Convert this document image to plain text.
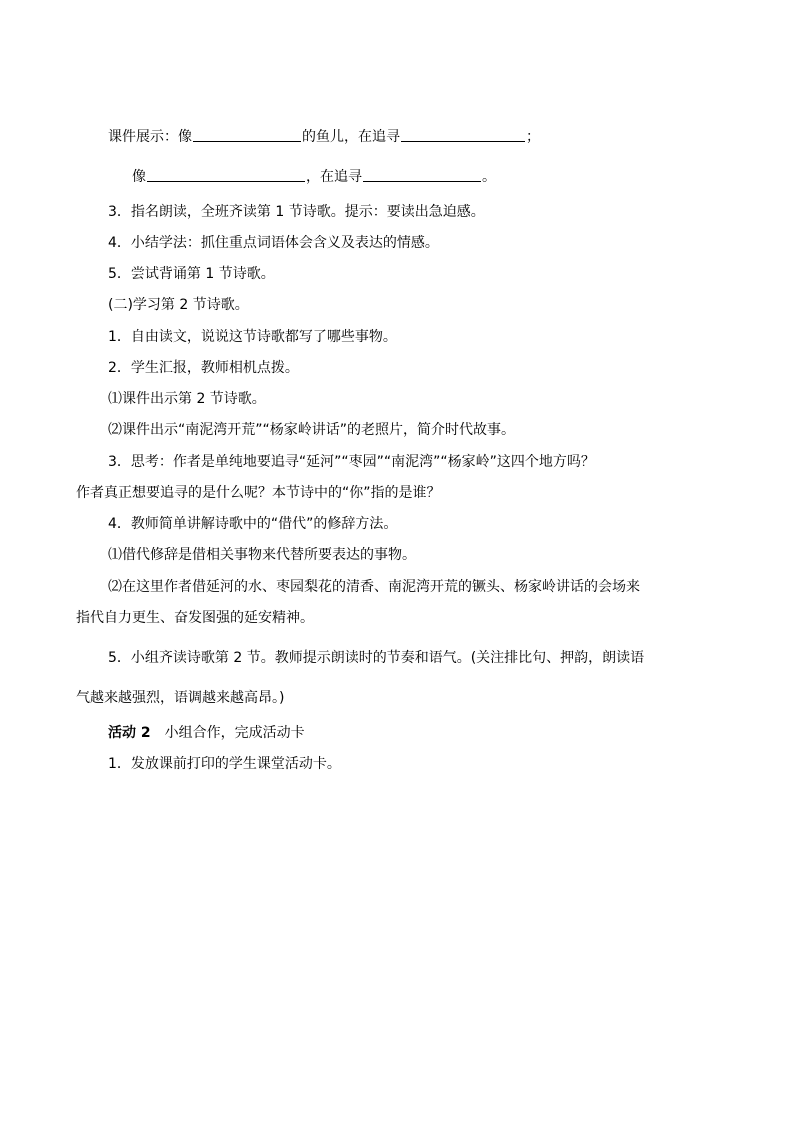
课件展示：像	的鱼儿，在追寻	；
像	，在追寻	。
3．指名朗读，全班齐读第 1 节诗歌。提示：要读出急迫感。
4．小结学法：抓住重点词语体会含义及表达的情感。
5．尝试背诵第 1 节诗歌。
(二)学习第 2 节诗歌。
1．自由读文，说说这节诗歌都写了哪些事物。
2．学生汇报，教师相机点拨。
⑴课件出示第 2 节诗歌。
⑵课件出示“南泥湾开荒”“杨家岭讲话”的老照片，简介时代故事。
3．思考：作者是单纯地要追寻“延河”“枣园”“南泥湾”“杨家岭”这四个地方吗？
作者真正想要追寻的是什么呢？本节诗中的“你”指的是谁？
4．教师简单讲解诗歌中的“借代”的修辞方法。
⑴借代修辞是借相关事物来代替所要表达的事物。
⑵在这里作者借延河的水、枣园梨花的清香、南泥湾开荒的镢头、杨家岭讲话的会场来
指代自力更生、奋发图强的延安精神。
5．小组齐读诗歌第 2 节。教师提示朗读时的节奏和语气。(关注排比句、押韵，朗读语
气越来越强烈，语调越来越高昂。)
活动 2 小组合作，完成活动卡
1．发放课前打印的学生课堂活动卡。
